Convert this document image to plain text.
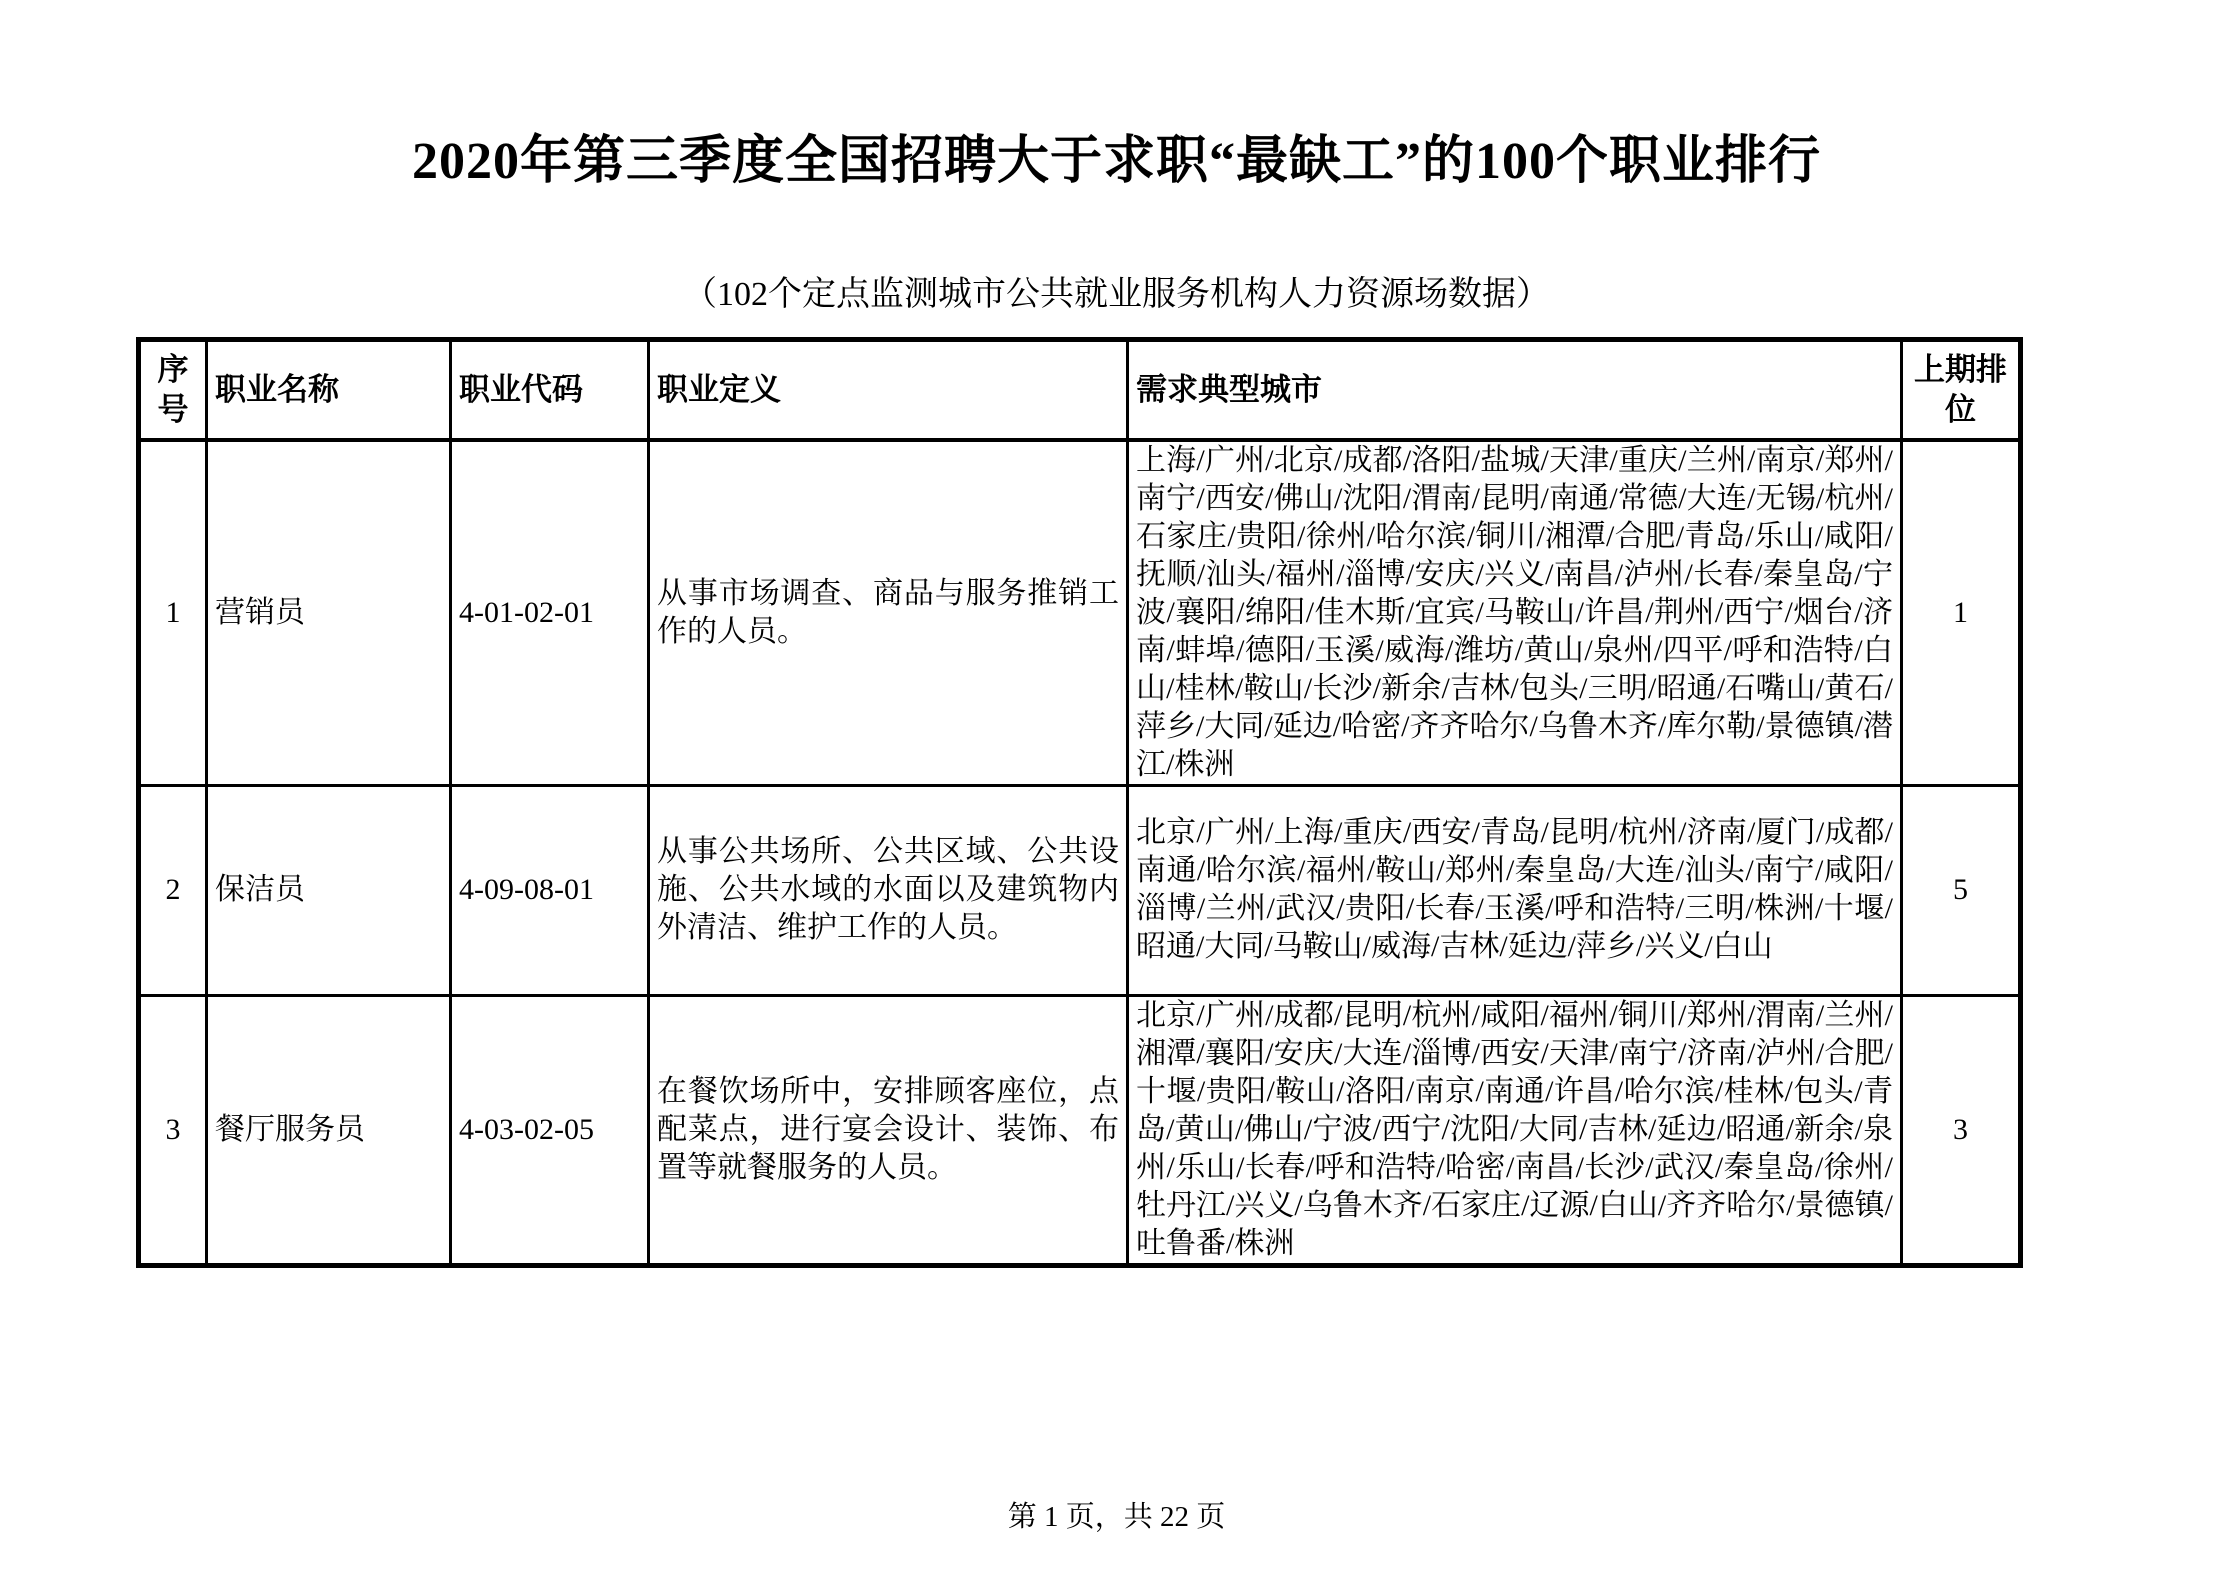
2020年第三季度全国招聘大于求职“最缺工”的100个职业排行
（102个定点监测城市公共就业服务机构人力资源场数据）
序号	职业名称	职业代码	职业定义	需求典型城市	上期排位
1	营销员	4-01-02-01	从事市场调查、商品与服务推销工作的人员。	上海/广州/北京/成都/洛阳/盐城/天津/重庆/兰州/南京/郑州/南宁/西安/佛山/沈阳/渭南/昆明/南通/常德/大连/无锡/杭州/石家庄/贵阳/徐州/哈尔滨/铜川/湘潭/合肥/青岛/乐山/咸阳/抚顺/汕头/福州/淄博/安庆/兴义/南昌/泸州/长春/秦皇岛/宁波/襄阳/绵阳/佳木斯/宜宾/马鞍山/许昌/荆州/西宁/烟台/济南/蚌埠/德阳/玉溪/威海/潍坊/黄山/泉州/四平/呼和浩特/白山/桂林/鞍山/长沙/新余/吉林/包头/三明/昭通/石嘴山/黄石/萍乡/大同/延边/哈密/齐齐哈尔/乌鲁木齐/库尔勒/景德镇/潜江/株洲	1
2	保洁员	4-09-08-01	从事公共场所、公共区域、公共设施、公共水域的水面以及建筑物内外清洁、维护工作的人员。	北京/广州/上海/重庆/西安/青岛/昆明/杭州/济南/厦门/成都/南通/哈尔滨/福州/鞍山/郑州/秦皇岛/大连/汕头/南宁/咸阳/淄博/兰州/武汉/贵阳/长春/玉溪/呼和浩特/三明/株洲/十堰/昭通/大同/马鞍山/威海/吉林/延边/萍乡/兴义/白山	5
3	餐厅服务员	4-03-02-05	在餐饮场所中，安排顾客座位，点配菜点，进行宴会设计、装饰、布置等就餐服务的人员。	北京/广州/成都/昆明/杭州/咸阳/福州/铜川/郑州/渭南/兰州/湘潭/襄阳/安庆/大连/淄博/西安/天津/南宁/济南/泸州/合肥/十堰/贵阳/鞍山/洛阳/南京/南通/许昌/哈尔滨/桂林/包头/青岛/黄山/佛山/宁波/西宁/沈阳/大同/吉林/延边/昭通/新余/泉州/乐山/长春/呼和浩特/哈密/南昌/长沙/武汉/秦皇岛/徐州/牡丹江/兴义/乌鲁木齐/石家庄/辽源/白山/齐齐哈尔/景德镇/吐鲁番/株洲	3
第 1 页，共 22 页
